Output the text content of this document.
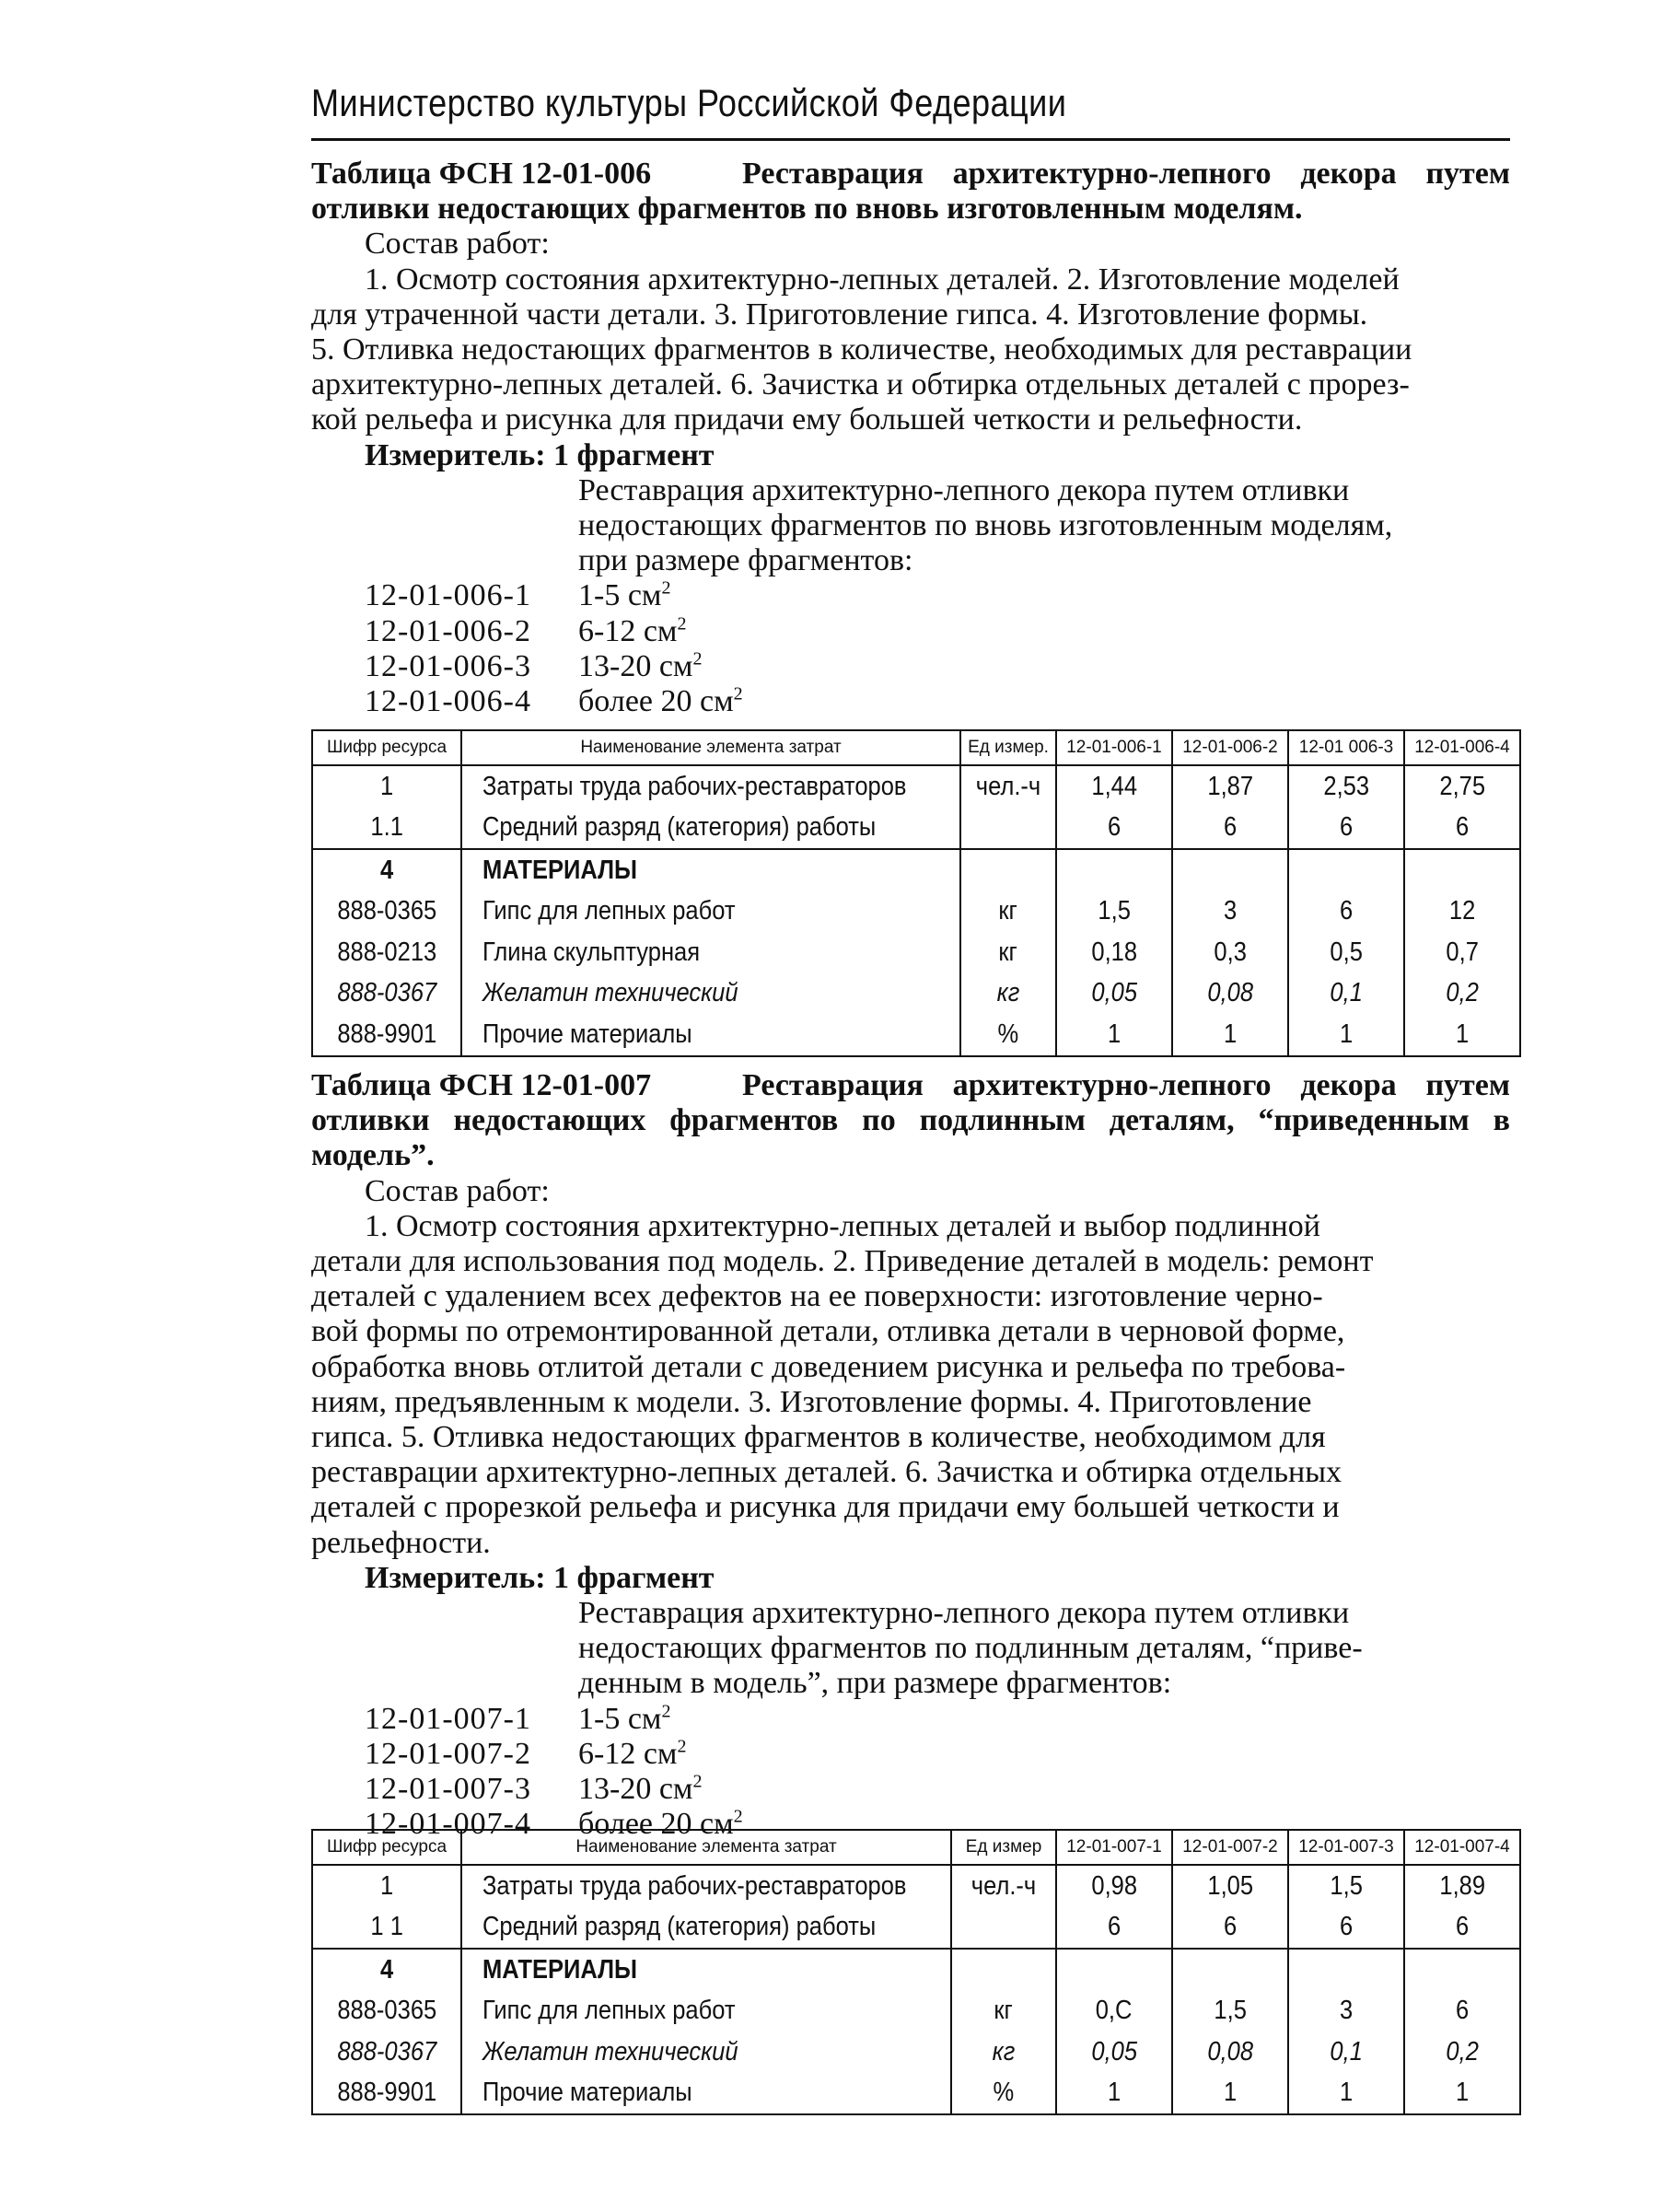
Министерство культуры Российской Федерации
Таблица ФСН 12-01-006	Реставрация архитектурно-лепного декора путем отливки недостающих фрагментов по вновь изготовленным моделям.
Состав работ:
1. Осмотр состояния архитектурно-лепных деталей. 2. Изготовление моделей
для утраченной части детали. 3. Приготовление гипса. 4. Изготовление формы.
5. Отливка недостающих фрагментов в количестве, необходимых для реставрации
архитектурно-лепных деталей. 6. Зачистка и обтирка отдельных деталей с прорез-
кой рельефа и рисунка для придачи ему большей четкости и рельефности.
Измеритель: 1 фрагмент
Реставрация архитектурно-лепного декора путем отливки
недостающих фрагментов по вновь изготовленным моделям,
при размере фрагментов:
12-01-006-1	1-5 $см^2$
12-01-006-2	6-12 $см^2$
12-01-006-3	13-20 $см^2$
12-01-006-4	более 20 $см^2$
Шифр ресурса	Наименование элемента затрат	Ед измер.	12-01-006-1	12-01-006-2	12-01 006-3	12-01-006-4
1	Затраты труда рабочих-реставраторов	чел.-ч	1,44	1,87	2,53	2,75
1.1	Средний разряд (категория) работы		6	6	6	6
4	МАТЕРИАЛЫ					
888-0365	Гипс для лепных работ	кг	1,5	3	6	12
888-0213	Глина скульптурная	кг	0,18	0,3	0,5	0,7
888-0367	Желатин технический	кг	0,05	0,08	0,1	0,2
888-9901	Прочие материалы	%	1	1	1	1
Таблица ФСН 12-01-007	Реставрация архитектурно-лепного декора путем отливки недостающих фрагментов по подлинным деталям, “приведенным в модель”.
Состав работ:
1. Осмотр состояния архитектурно-лепных деталей и выбор подлинной
детали для использования под модель. 2. Приведение деталей в модель: ремонт
деталей с удалением всех дефектов на ее поверхности: изготовление черно-
вой формы по отремонтированной детали, отливка детали в черновой форме,
обработка вновь отлитой детали с доведением рисунка и рельефа по требова-
ниям, предъявленным к модели. 3. Изготовление формы. 4. Приготовление
гипса. 5. Отливка недостающих фрагментов в количестве, необходимом для
реставрации архитектурно-лепных деталей. 6. Зачистка и обтирка отдельных
деталей с прорезкой рельефа и рисунка для придачи ему большей четкости и
рельефности.
Измеритель: 1 фрагмент
Реставрация архитектурно-лепного декора путем отливки
недостающих фрагментов по подлинным деталям, “приве-
денным в модель”, при размере фрагментов:
12-01-007-1	1-5 $см^2$
12-01-007-2	6-12 $см^2$
12-01-007-3	13-20 $см^2$
12-01-007-4	более 20 $см^2$
Шифр ресурса	Наименование элемента затрат	Ед измер	12-01-007-1	12-01-007-2	12-01-007-3	12-01-007-4
1	Затраты труда рабочих-реставраторов	чел.-ч	0,98	1,05	1,5	1,89
1 1	Средний разряд (категория) работы		6	6	6	6
4	МАТЕРИАЛЫ					
888-0365	Гипс для лепных работ	кг	0,С	1,5	3	6
888-0367	Желатин технический	кг	0,05	0,08	0,1	0,2
888-9901	Прочие материалы	%	1	1	1	1
